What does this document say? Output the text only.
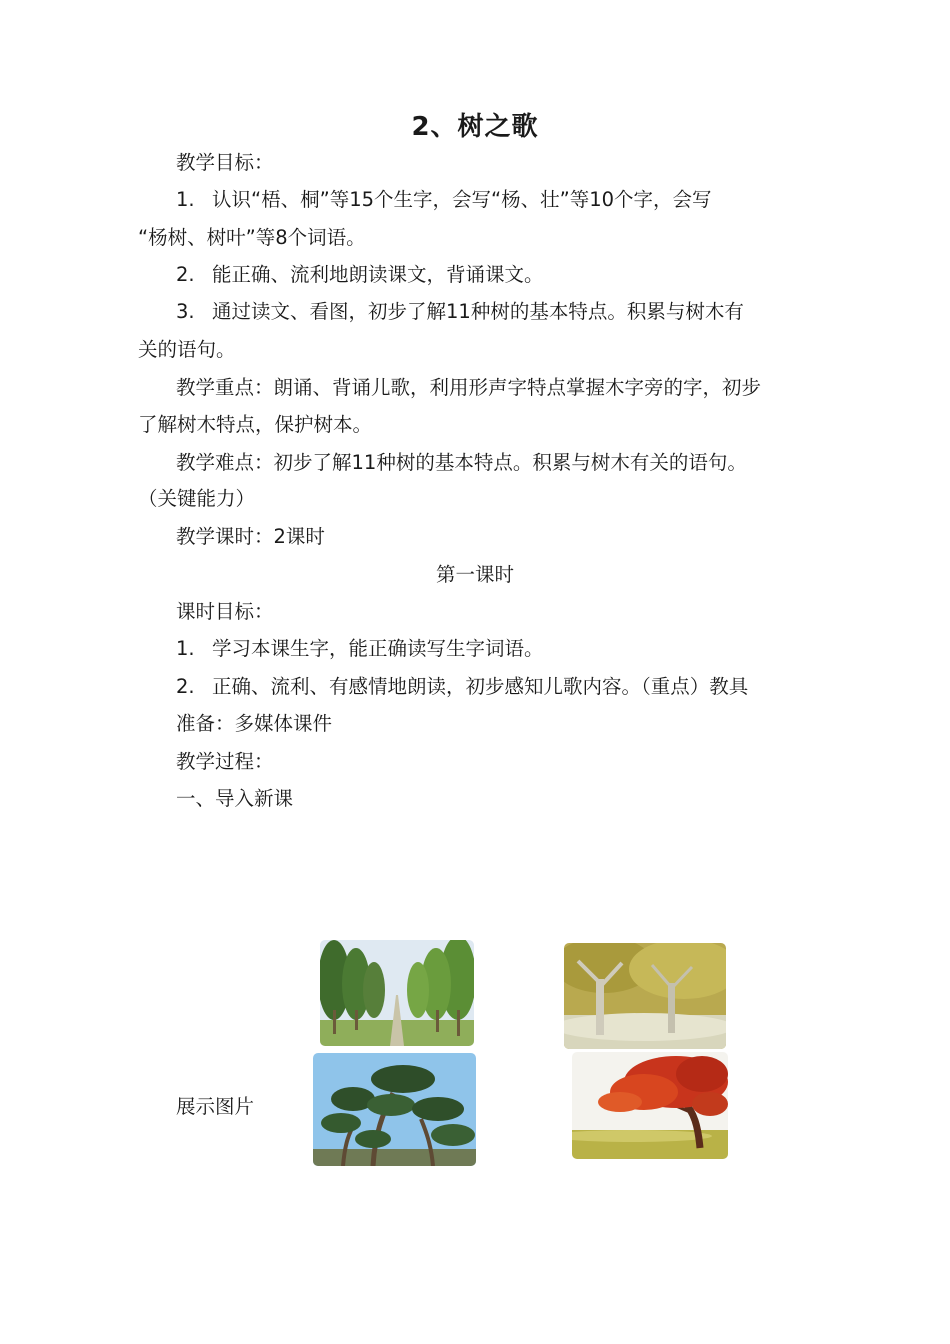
2、树之歌
教学目标：
1. 认识“梧、桐”等15个生字，会写“杨、壮”等10个字，会写
“杨树、树叶”等8个词语。
2. 能正确、流利地朗读课文，背诵课文。
3. 通过读文、看图，初步了解11种树的基本特点。积累与树木有
关的语句。
教学重点：朗诵、背诵儿歌，利用形声字特点掌握木字旁的字，初步
了解树木特点，保护树本。
教学难点：初步了解11种树的基本特点。积累与树木有关的语句。
（关键能力）
教学课时：2课时
第一课时
课时目标：
1. 学习本课生字，能正确读写生字词语。
2. 正确、流利、有感情地朗读，初步感知儿歌内容。（重点）教具
准备：多媒体课件
教学过程：
一、导入新课
展示图片
